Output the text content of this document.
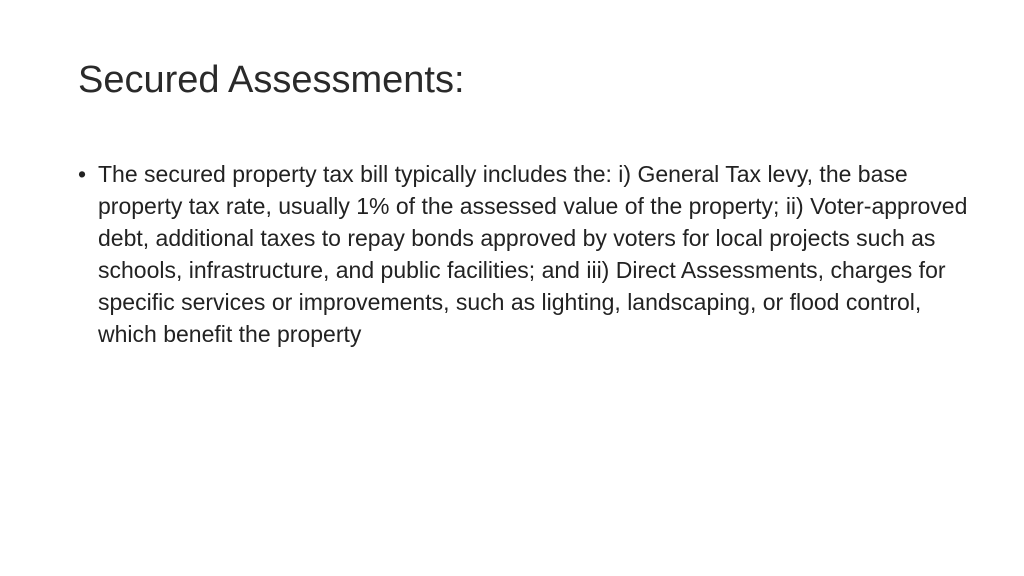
Secured Assessments:
• The secured property tax bill typically includes the: i) General Tax levy, the base property tax rate, usually 1% of the assessed value of the property; ii) Voter-approved debt, additional taxes to repay bonds approved by voters for local projects such as schools, infrastructure, and public facilities; and iii) Direct Assessments, charges for specific services or improvements, such as lighting, landscaping, or flood control, which benefit the property
